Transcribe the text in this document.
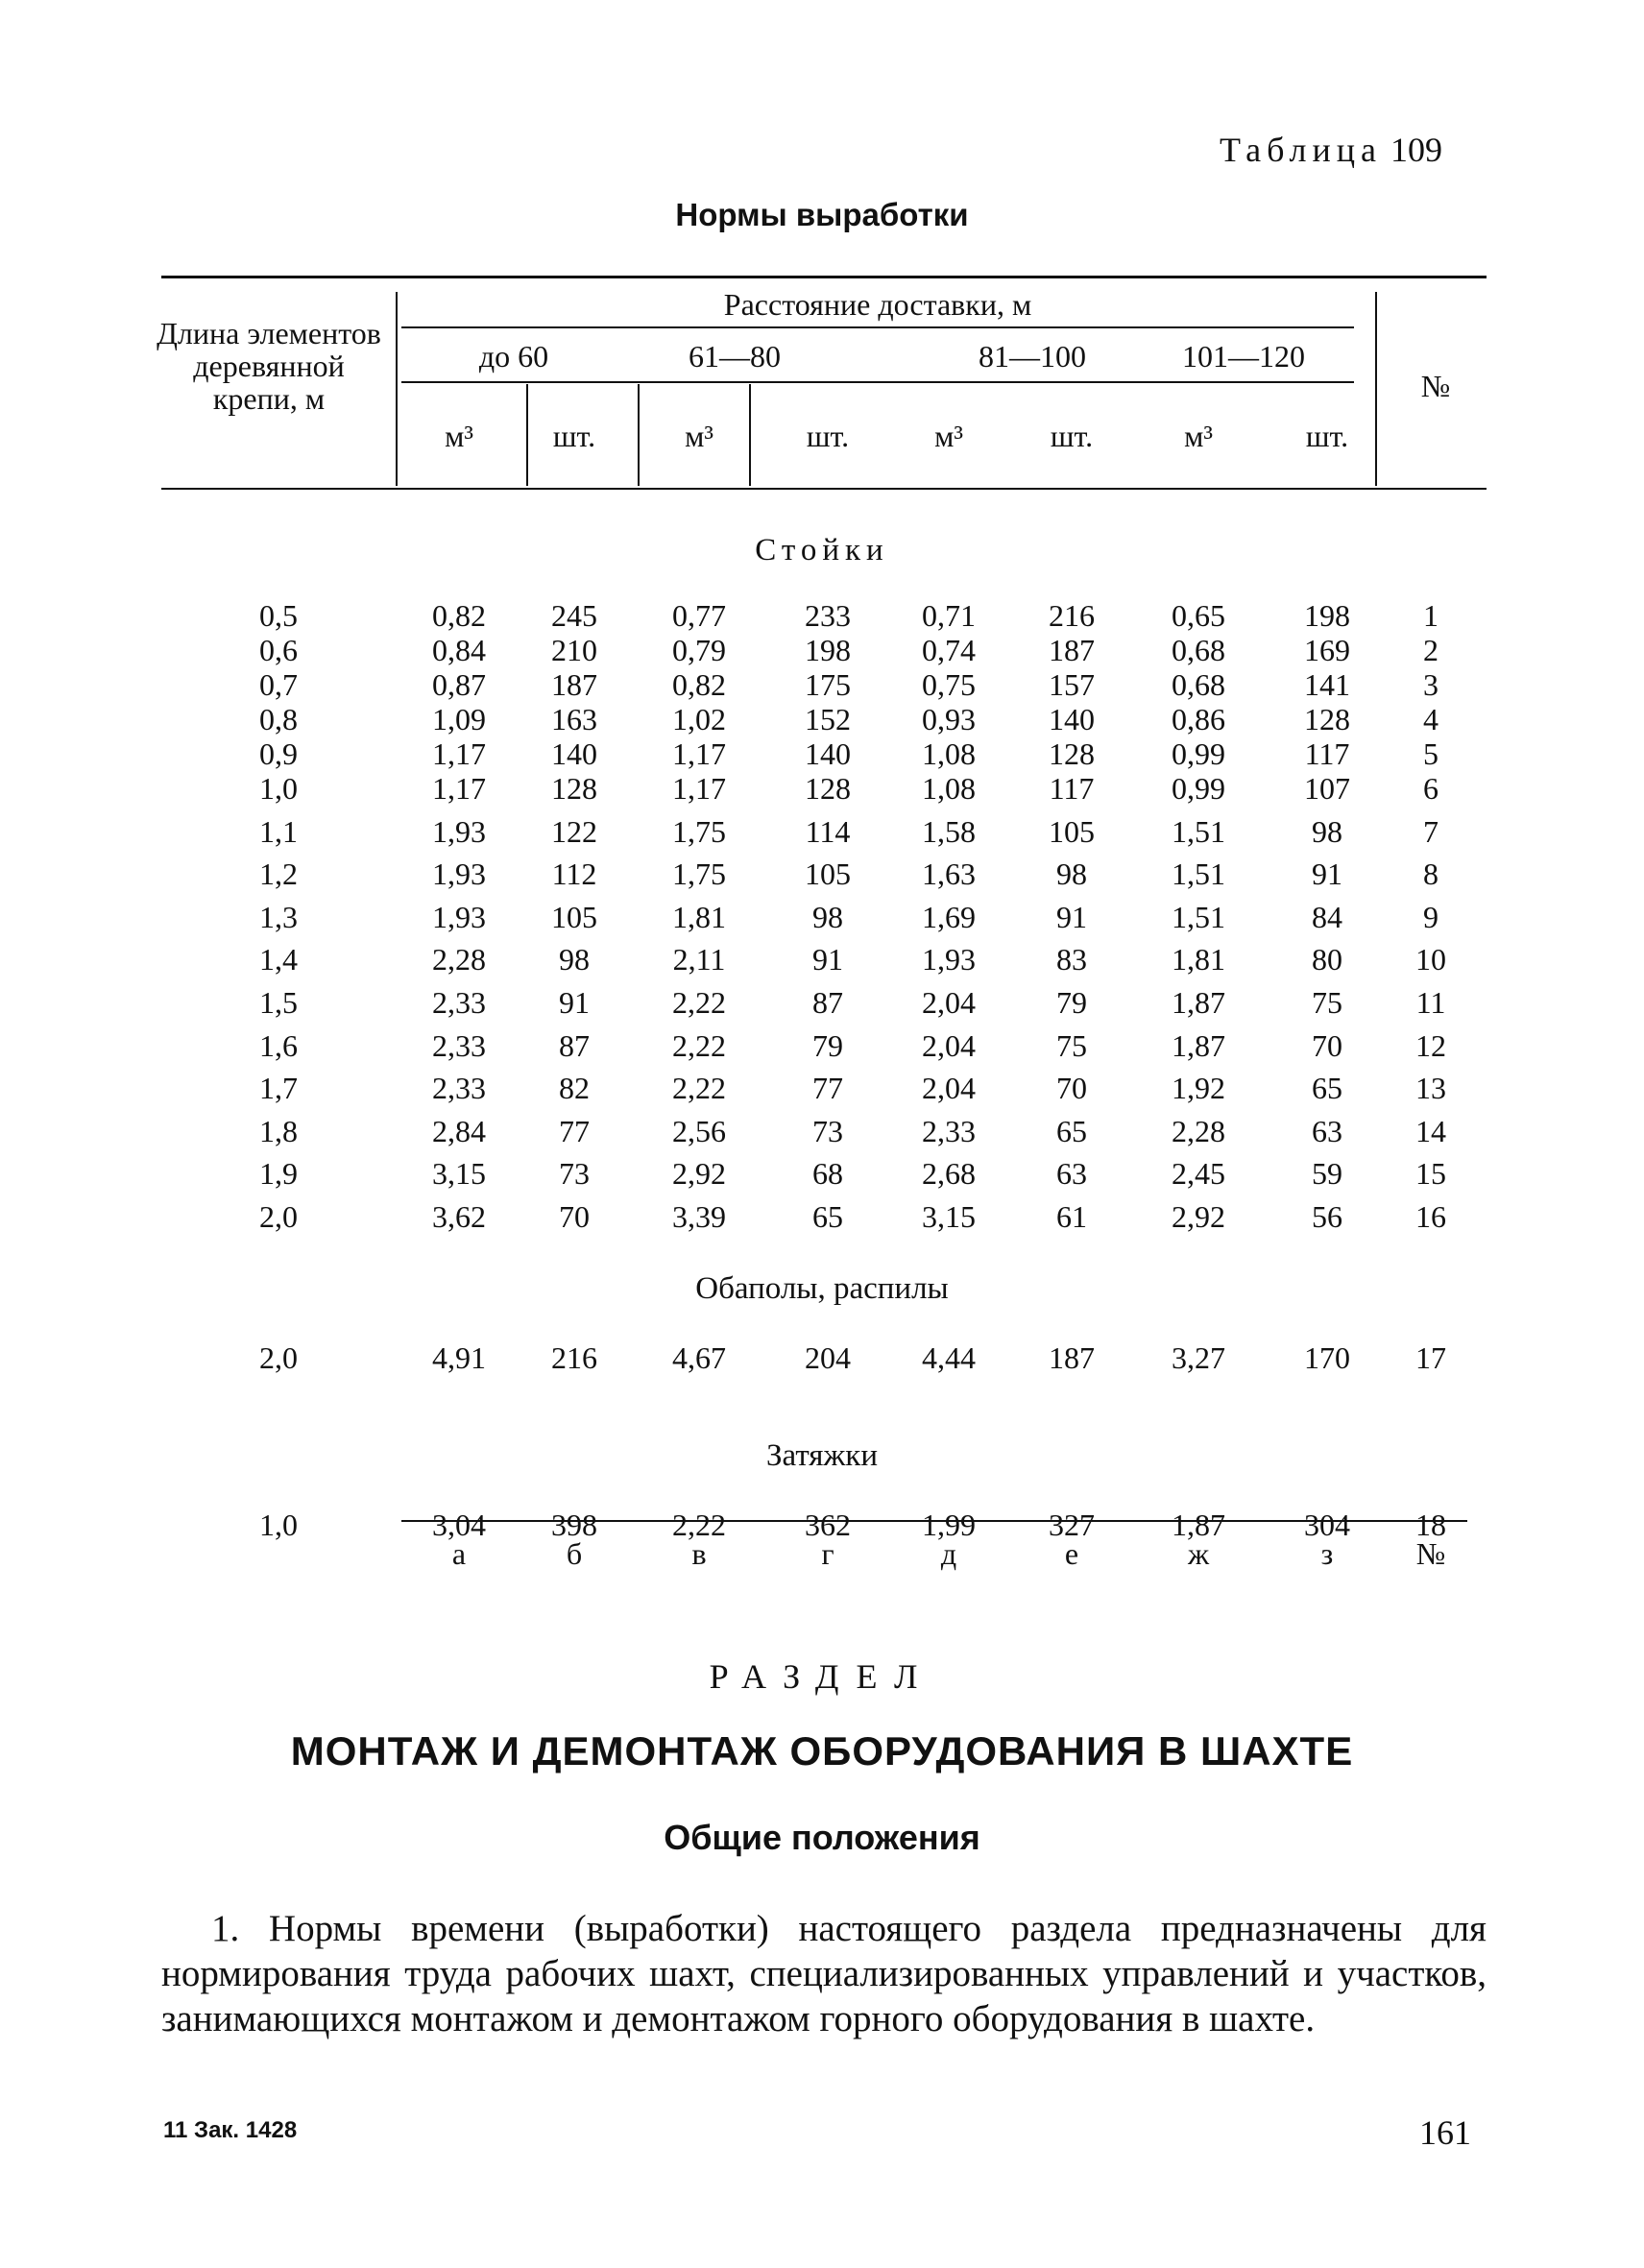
Таблица 109
Нормы выработки
Длина элементов деревянной крепи, м
Расстояние доставки, м
до 60	61—80	81—100	101—120
№
м³	шт.	м³	шт.	м³	шт.	м³	шт.
Стойки
0,5	0,82	245	0,77	233	0,71	216	0,65	198	1
0,6	0,84	210	0,79	198	0,74	187	0,68	169	2
0,7	0,87	187	0,82	175	0,75	157	0,68	141	3
0,8	1,09	163	1,02	152	0,93	140	0,86	128	4
0,9	1,17	140	1,17	140	1,08	128	0,99	117	5
1,0	1,17	128	1,17	128	1,08	117	0,99	107	6
1,1	1,93	122	1,75	114	1,58	105	1,51	98	7
1,2	1,93	112	1,75	105	1,63	98	1,51	91	8
1,3	1,93	105	1,81	98	1,69	91	1,51	84	9
1,4	2,28	98	2,11	91	1,93	83	1,81	80	10
1,5	2,33	91	2,22	87	2,04	79	1,87	75	11
1,6	2,33	87	2,22	79	2,04	75	1,87	70	12
1,7	2,33	82	2,22	77	2,04	70	1,92	65	13
1,8	2,84	77	2,56	73	2,33	65	2,28	63	14
1,9	3,15	73	2,92	68	2,68	63	2,45	59	15
2,0	3,62	70	3,39	65	3,15	61	2,92	56	16
Обаполы, распилы
2,0	4,91	216	4,67	204	4,44	187	3,27	170	17
Затяжки
1,0	3,04	398	2,22	362	1,99	327	1,87	304	18
а	б	в	г	д	е	ж	з	№
РАЗДЕЛ
МОНТАЖ И ДЕМОНТАЖ ОБОРУДОВАНИЯ В ШАХТЕ
Общие положения
1. Нормы времени (выработки) настоящего раздела предназначены для нормирования труда рабочих шахт, специализированных управлений и участков, занимающихся монтажом и демонтажом горного оборудования в шахте.
11 Зак. 1428	161
